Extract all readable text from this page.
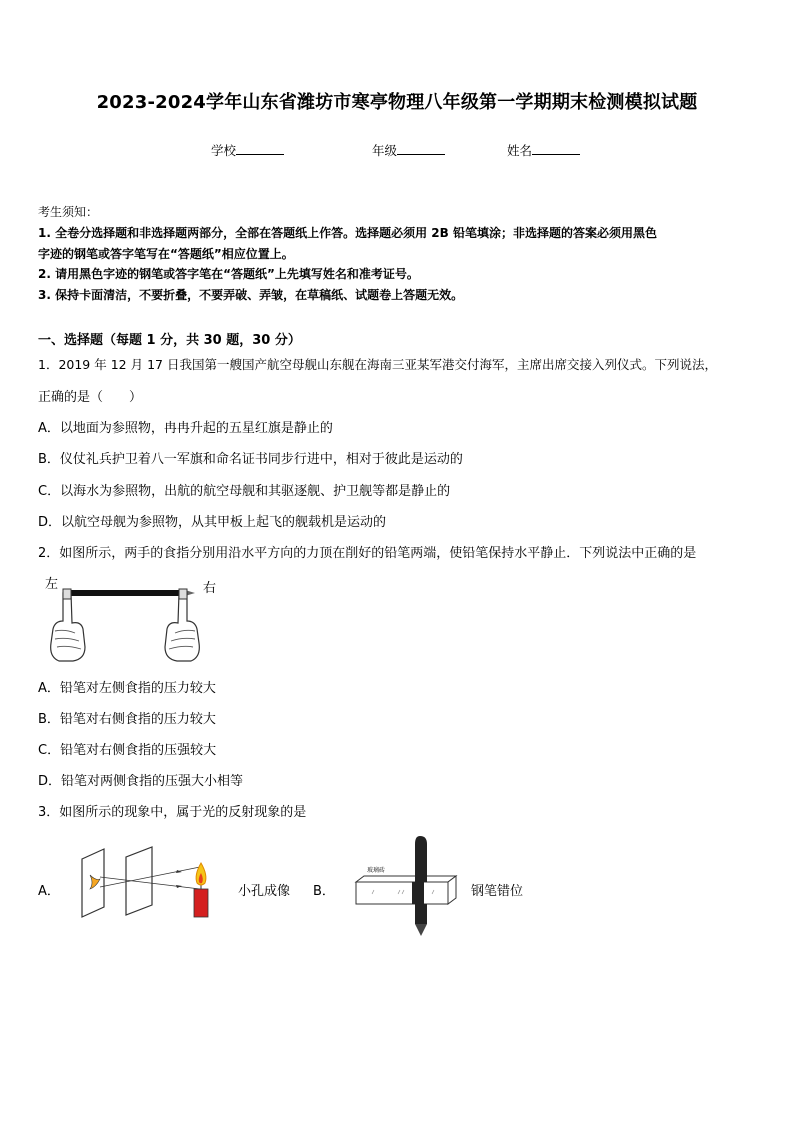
2023-2024学年山东省潍坊市寒亭物理八年级第一学期期末检测模拟试题
学校	年级	姓名
考生须知：
1. 全卷分选择题和非选择题两部分，全部在答题纸上作答。选择题必须用 2B 铅笔填涂；非选择题的答案必须用黑色
字迹的钢笔或答字笔写在“答题纸”相应位置上。
2. 请用黑色字迹的钢笔或答字笔在“答题纸”上先填写姓名和准考证号。
3. 保持卡面清洁，不要折叠，不要弄破、弄皱，在草稿纸、试题卷上答题无效。
一、选择题（每题 1 分，共 30 题，30 分）
1．2019 年 12 月 17 日我国第一艘国产航空母舰山东舰在海南三亚某军港交付海军，主席出席交接入列仪式。下列说法，
正确的是（　　）
A．以地面为参照物，冉冉升起的五星红旗是静止的
B．仪仗礼兵护卫着八一军旗和命名证书同步行进中，相对于彼此是运动的
C．以海水为参照物，出航的航空母舰和其驱逐舰、护卫舰等都是静止的
D．以航空母舰为参照物，从其甲板上起飞的舰载机是运动的
2．如图所示，两手的食指分别用沿水平方向的力顶在削好的铅笔两端，使铅笔保持水平静止．下列说法中正确的是
左	右
A．铅笔对左侧食指的压力较大
B．铅笔对右侧食指的压力较大
C．铅笔对右侧食指的压强较大
D．铅笔对两侧食指的压强大小相等
3．如图所示的现象中，属于光的反射现象的是
A．	小孔成像 B．
玻璃砖
钢笔错位
